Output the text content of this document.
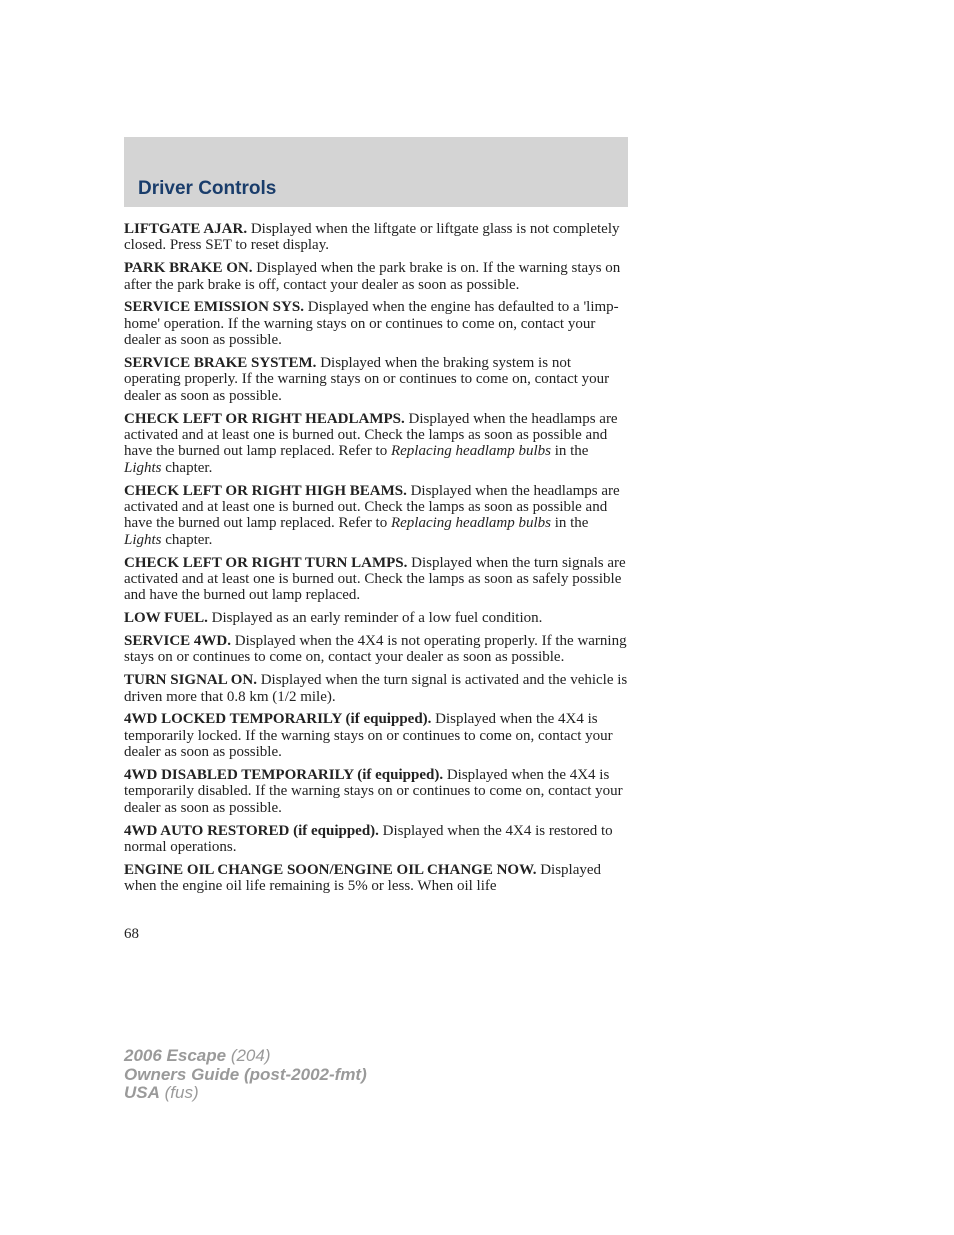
Driver Controls

LIFTGATE AJAR. Displayed when the liftgate or liftgate glass is not completely closed. Press SET to reset display.

PARK BRAKE ON. Displayed when the park brake is on. If the warning stays on after the park brake is off, contact your dealer as soon as possible.

SERVICE EMISSION SYS. Displayed when the engine has defaulted to a 'limp-home' operation. If the warning stays on or continues to come on, contact your dealer as soon as possible.

SERVICE BRAKE SYSTEM. Displayed when the braking system is not operating properly. If the warning stays on or continues to come on, contact your dealer as soon as possible.

CHECK LEFT OR RIGHT HEADLAMPS. Displayed when the headlamps are activated and at least one is burned out. Check the lamps as soon as possible and have the burned out lamp replaced. Refer to Replacing headlamp bulbs in the Lights chapter.

CHECK LEFT OR RIGHT HIGH BEAMS. Displayed when the headlamps are activated and at least one is burned out. Check the lamps as soon as possible and have the burned out lamp replaced. Refer to Replacing headlamp bulbs in the Lights chapter.

CHECK LEFT OR RIGHT TURN LAMPS. Displayed when the turn signals are activated and at least one is burned out. Check the lamps as soon as safely possible and have the burned out lamp replaced.

LOW FUEL. Displayed as an early reminder of a low fuel condition.

SERVICE 4WD. Displayed when the 4X4 is not operating properly. If the warning stays on or continues to come on, contact your dealer as soon as possible.

TURN SIGNAL ON. Displayed when the turn signal is activated and the vehicle is driven more that 0.8 km (1/2 mile).

4WD LOCKED TEMPORARILY (if equipped). Displayed when the 4X4 is temporarily locked. If the warning stays on or continues to come on, contact your dealer as soon as possible.

4WD DISABLED TEMPORARILY (if equipped). Displayed when the 4X4 is temporarily disabled. If the warning stays on or continues to come on, contact your dealer as soon as possible.

4WD AUTO RESTORED (if equipped). Displayed when the 4X4 is restored to normal operations.

ENGINE OIL CHANGE SOON/ENGINE OIL CHANGE NOW. Displayed when the engine oil life remaining is 5% or less. When oil life

68
2006 Escape (204)
Owners Guide (post-2002-fmt)
USA (fus)
